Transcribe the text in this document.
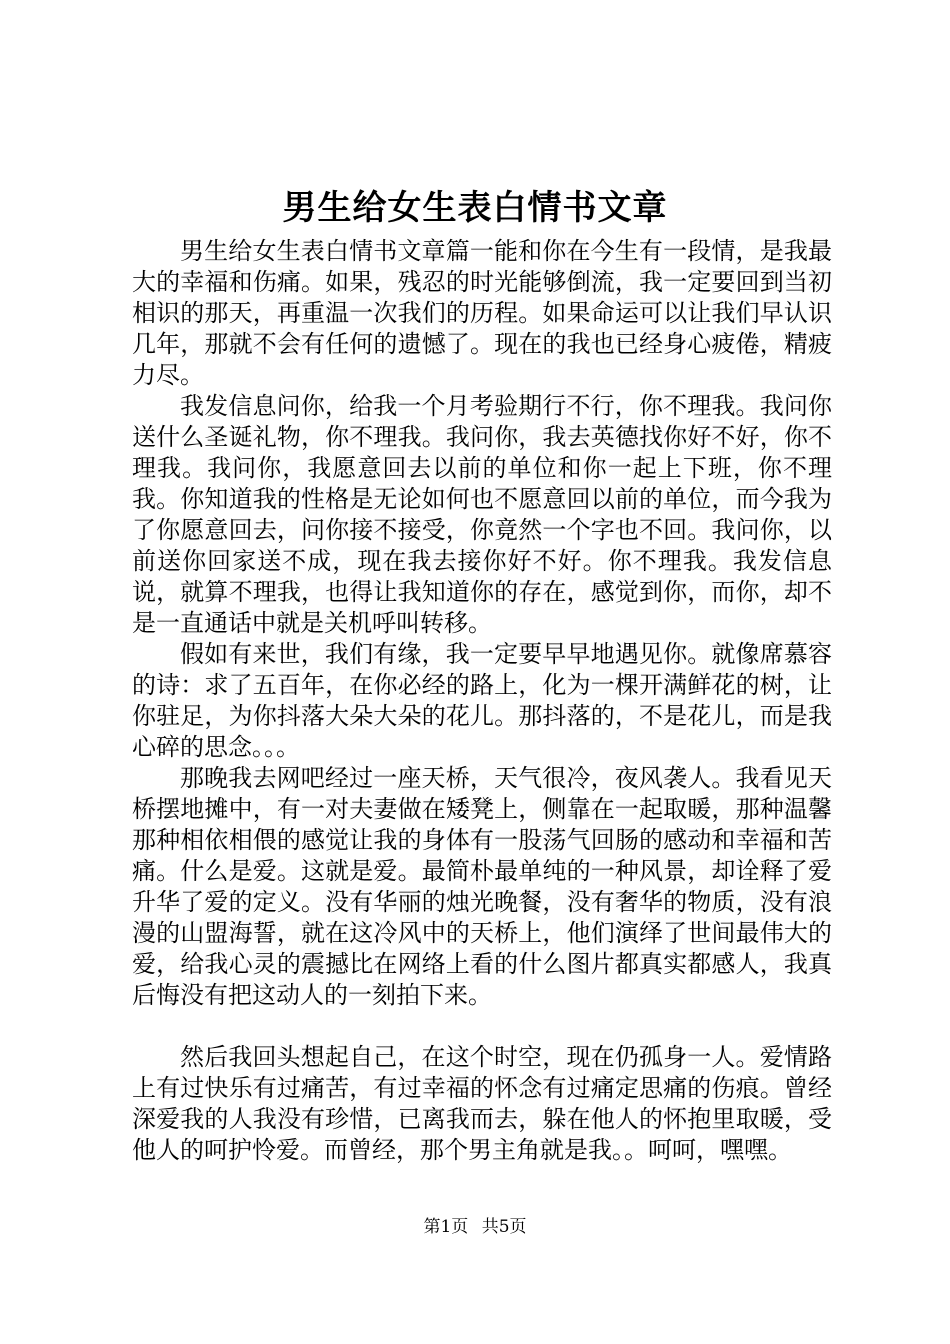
男生给女生表白情书文章

男生给女生表白情书文章篇一能和你在今生有一段情，是我最大的幸福和伤痛。如果，残忍的时光能够倒流，我一定要回到当初相识的那天，再重温一次我们的历程。如果命运可以让我们早认识几年，那就不会有任何的遗憾了。现在的我也已经身心疲倦，精疲力尽。

我发信息问你，给我一个月考验期行不行，你不理我。我问你送什么圣诞礼物，你不理我。我问你，我去英德找你好不好，你不理我。我问你，我愿意回去以前的单位和你一起上下班，你不理我。你知道我的性格是无论如何也不愿意回以前的单位，而今我为了你愿意回去，问你接不接受，你竟然一个字也不回。我问你，以前送你回家送不成，现在我去接你好不好。你不理我。我发信息说，就算不理我，也得让我知道你的存在，感觉到你，而你，却不是一直通话中就是关机呼叫转移。

假如有来世，我们有缘，我一定要早早地遇见你。就像席慕容的诗：求了五百年，在你必经的路上，化为一棵开满鲜花的树，让你驻足，为你抖落大朵大朵的花儿。那抖落的，不是花儿，而是我心碎的思念。。。

那晚我去网吧经过一座天桥，天气很冷，夜风袭人。我看见天桥摆地摊中，有一对夫妻做在矮凳上，侧靠在一起取暖，那种温馨那种相依相偎的感觉让我的身体有一股荡气回肠的感动和幸福和苦痛。什么是爱。这就是爱。最简朴最单纯的一种风景，却诠释了爱升华了爱的定义。没有华丽的烛光晚餐，没有奢华的物质，没有浪漫的山盟海誓，就在这冷风中的天桥上，他们演绎了世间最伟大的爱，给我心灵的震撼比在网络上看的什么图片都真实都感人，我真后悔没有把这动人的一刻拍下来。

然后我回头想起自己，在这个时空，现在仍孤身一人。爱情路上有过快乐有过痛苦，有过幸福的怀念有过痛定思痛的伤痕。曾经深爱我的人我没有珍惜，已离我而去，躲在他人的怀抱里取暖，受他人的呵护怜爱。而曾经，那个男主角就是我。。呵呵，嘿嘿。

第1页 共5页
